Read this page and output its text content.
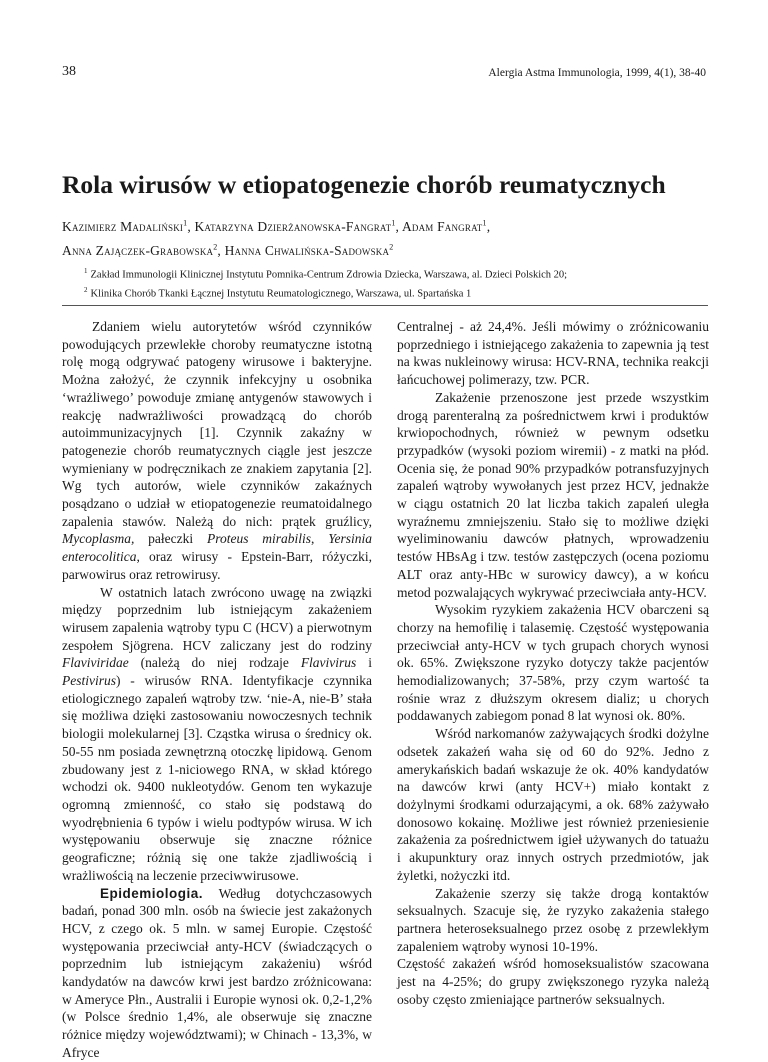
38	Alergia Astma Immunologia, 1999, 4(1), 38-40
Rola wirusów w etiopatogenezie chorób reumatycznych
Kazimierz Madaliński$^1$, Katarzyna Dzierżanowska-Fangrat$^1$, Adam Fangrat$^1$,
Anna Zajączek-Grabowska$^2$, Hanna Chwalińska-Sadowska$^2$
$^1$ Zakład Immunologii Klinicznej Instytutu Pomnika-Centrum Zdrowia Dziecka, Warszawa, al. Dzieci Polskich 20;
$^2$ Klinika Chorób Tkanki Łącznej Instytutu Reumatologicznego, Warszawa, ul. Spartańska 1

Zdaniem wielu autorytetów wśród czynników powodujących przewlekłe choroby reumatyczne istotną rolę mogą odgrywać patogeny wirusowe i bakteryjne. Można założyć, że czynnik infekcyjny u osobnika ‘wrażliwego’ powoduje zmianę antygenów stawowych i reakcję nadwrażliwości prowadzącą do chorób autoimmunizacyjnych [1]. Czynnik zakaźny w patogenezie chorób reumatycznych ciągle jest jeszcze wymieniany w podręcznikach ze znakiem zapytania [2]. Wg tych autorów, wiele czynników zakaźnych posądzano o udział w etiopatogenezie reumatoidalnego zapalenia stawów. Należą do nich: prątek gruźlicy, Mycoplasma, pałeczki Proteus mirabilis, Yersinia enterocolitica, oraz wirusy - Epstein-Barr, różyczki, parwowirus oraz retrowirusy.

W ostatnich latach zwrócono uwagę na związki między poprzednim lub istniejącym zakażeniem wirusem zapalenia wątroby typu C (HCV) a pierwotnym zespołem Sjögrena. HCV zaliczany jest do rodziny Flaviviridae (należą do niej rodzaje Flavivirus i Pestivirus) - wirusów RNA. Identyfikacje czynnika etiologicznego zapaleń wątroby tzw. ‘nie-A, nie-B’ stała się możliwa dzięki zastosowaniu nowoczesnych technik biologii molekularnej [3]. Cząstka wirusa o średnicy ok. 50-55 nm posiada zewnętrzną otoczkę lipidową. Genom zbudowany jest z 1-niciowego RNA, w skład którego wchodzi ok. 9400 nukleotydów. Genom ten wykazuje ogromną zmienność, co stało się podstawą do wyodrębnienia 6 typów i wielu podtypów wirusa. W ich występowaniu obserwuje się znaczne różnice geograficzne; różnią się one także zjadliwością i wrażliwością na leczenie przeciwwirusowe.

Epidemiologia. Według dotychczasowych badań, ponad 300 mln. osób na świecie jest zakażonych HCV, z czego ok. 5 mln. w samej Europie. Częstość występowania przeciwciał anty-HCV (świadczących o poprzednim lub istniejącym zakażeniu) wśród kandydatów na dawców krwi jest bardzo zróżnicowana: w Ameryce Płn., Australii i Europie wynosi ok. 0,2-1,2% (w Polsce średnio 1,4%, ale obserwuje się znaczne różnice między województwami); w Chinach - 13,3%, w Afryce

Centralnej - aż 24,4%. Jeśli mówimy o zróżnicowaniu poprzedniego i istniejącego zakażenia to zapewnia ją test na kwas nukleinowy wirusa: HCV-RNA, technika reakcji łańcuchowej polimerazy, tzw. PCR.

Zakażenie przenoszone jest przede wszystkim drogą parenteralną za pośrednictwem krwi i produktów krwiopochodnych, również w pewnym odsetku przypadków (wysoki poziom wiremii) - z matki na płód. Ocenia się, że ponad 90% przypadków potransfuzyjnych zapaleń wątroby wywołanych jest przez HCV, jednakże w ciągu ostatnich 20 lat liczba takich zapaleń uległa wyraźnemu zmniejszeniu. Stało się to możliwe dzięki wyeliminowaniu dawców płatnych, wprowadzeniu testów HBsAg i tzw. testów zastępczych (ocena poziomu ALT oraz anty-HBc w surowicy dawcy), a w końcu metod pozwalających wykrywać przeciwciała anty-HCV.

Wysokim ryzykiem zakażenia HCV obarczeni są chorzy na hemofilię i talasemię. Częstość występowania przeciwciał anty-HCV w tych grupach chorych wynosi ok. 65%. Zwiększone ryzyko dotyczy także pacjentów hemodializowanych; 37-58%, przy czym wartość ta rośnie wraz z dłuższym okresem dializ; u chorych poddawanych zabiegom ponad 8 lat wynosi ok. 80%.

Wśród narkomanów zażywających środki dożylne odsetek zakażeń waha się od 60 do 92%. Jedno z amerykańskich badań wskazuje że ok. 40% kandydatów na dawców krwi (anty HCV+) miało kontakt z dożylnymi środkami odurzającymi, a ok. 68% zażywało donosowo kokainę. Możliwe jest również przeniesienie zakażenia za pośrednictwem igieł używanych do tatuażu i akupunktury oraz innych ostrych przedmiotów, jak żyletki, nożyczki itd.

Zakażenie szerzy się także drogą kontaktów seksualnych. Szacuje się, że ryzyko zakażenia stałego partnera heteroseksualnego przez osobę z przewlekłym zapaleniem wątroby wynosi 10-19%.

Częstość zakażeń wśród homoseksualistów szacowana jest na 4-25%; do grupy zwiększonego ryzyka należą osoby często zmieniające partnerów seksualnych.
